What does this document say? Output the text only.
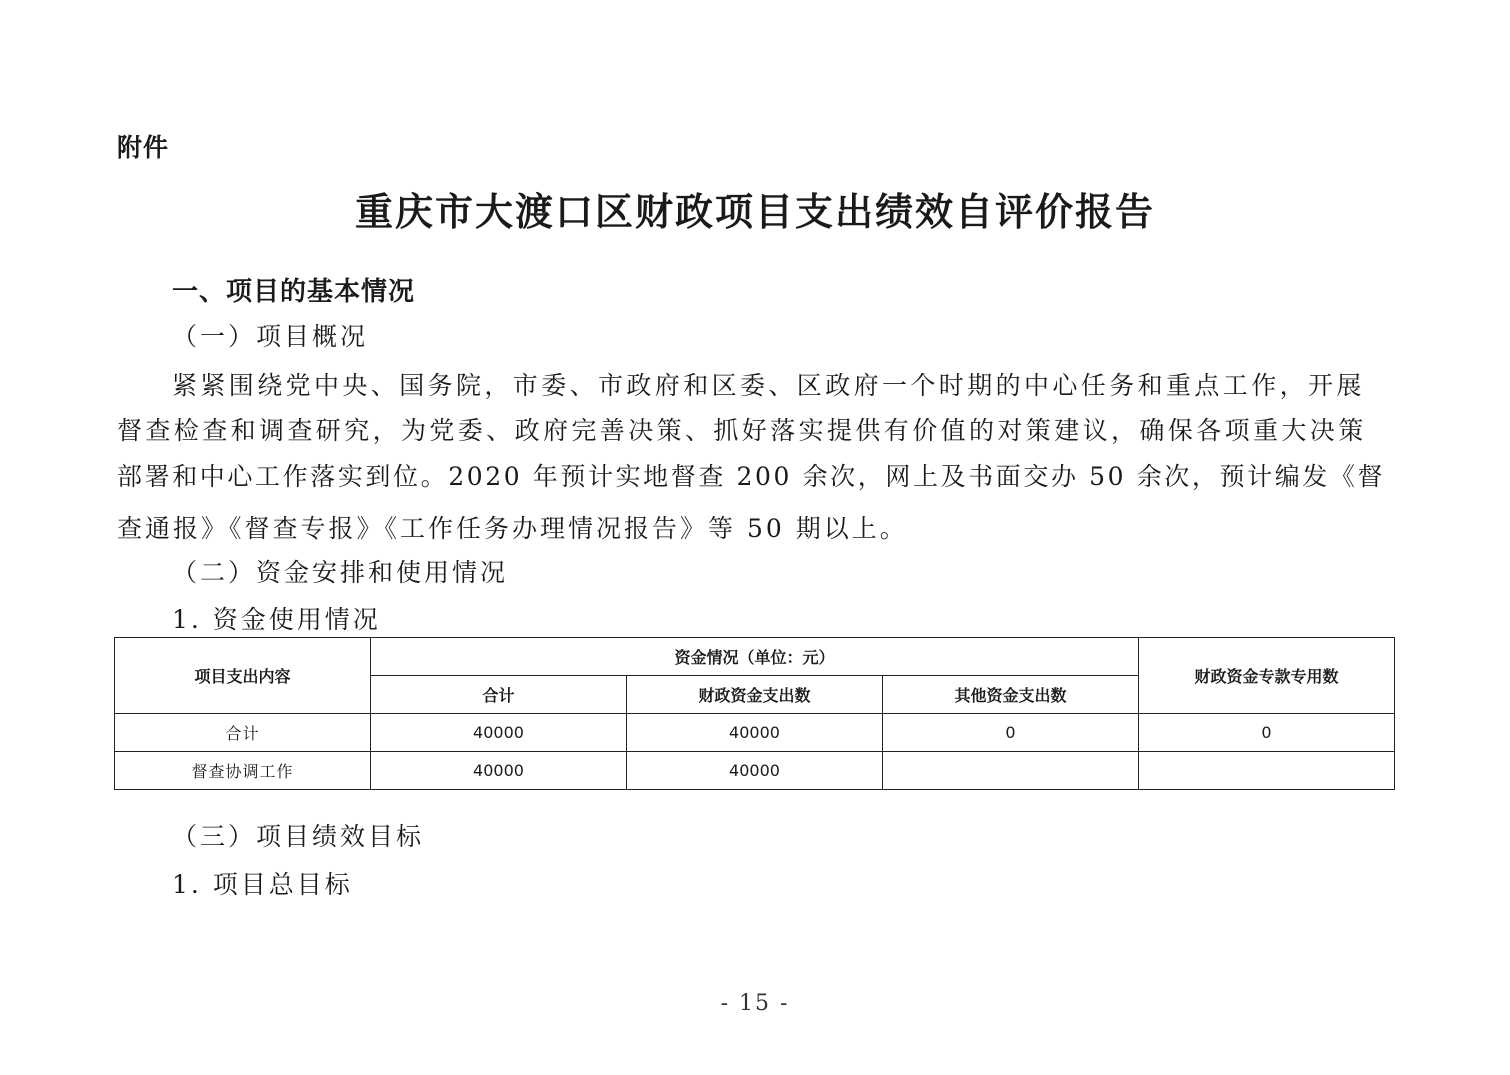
附件
重庆市大渡口区财政项目支出绩效自评价报告
一、项目的基本情况
（一）项目概况
紧紧围绕党中央、国务院，市委、市政府和区委、区政府一个时期的中心任务和重点工作，开展
督查检查和调查研究，为党委、政府完善决策、抓好落实提供有价值的对策建议，确保各项重大决策
部署和中心工作落实到位。2020 年预计实地督查 200 余次，网上及书面交办 50 余次，预计编发《督
查通报》《督查专报》《工作任务办理情况报告》等 50 期以上。
（二）资金安排和使用情况
1. 资金使用情况
项目支出内容	资金情况（单位：元）			财政资金专款专用数
	合计	财政资金支出数	其他资金支出数	
合计	40000	40000	0	0
督查协调工作	40000	40000		
（三）项目绩效目标
1. 项目总目标
- 15 -
